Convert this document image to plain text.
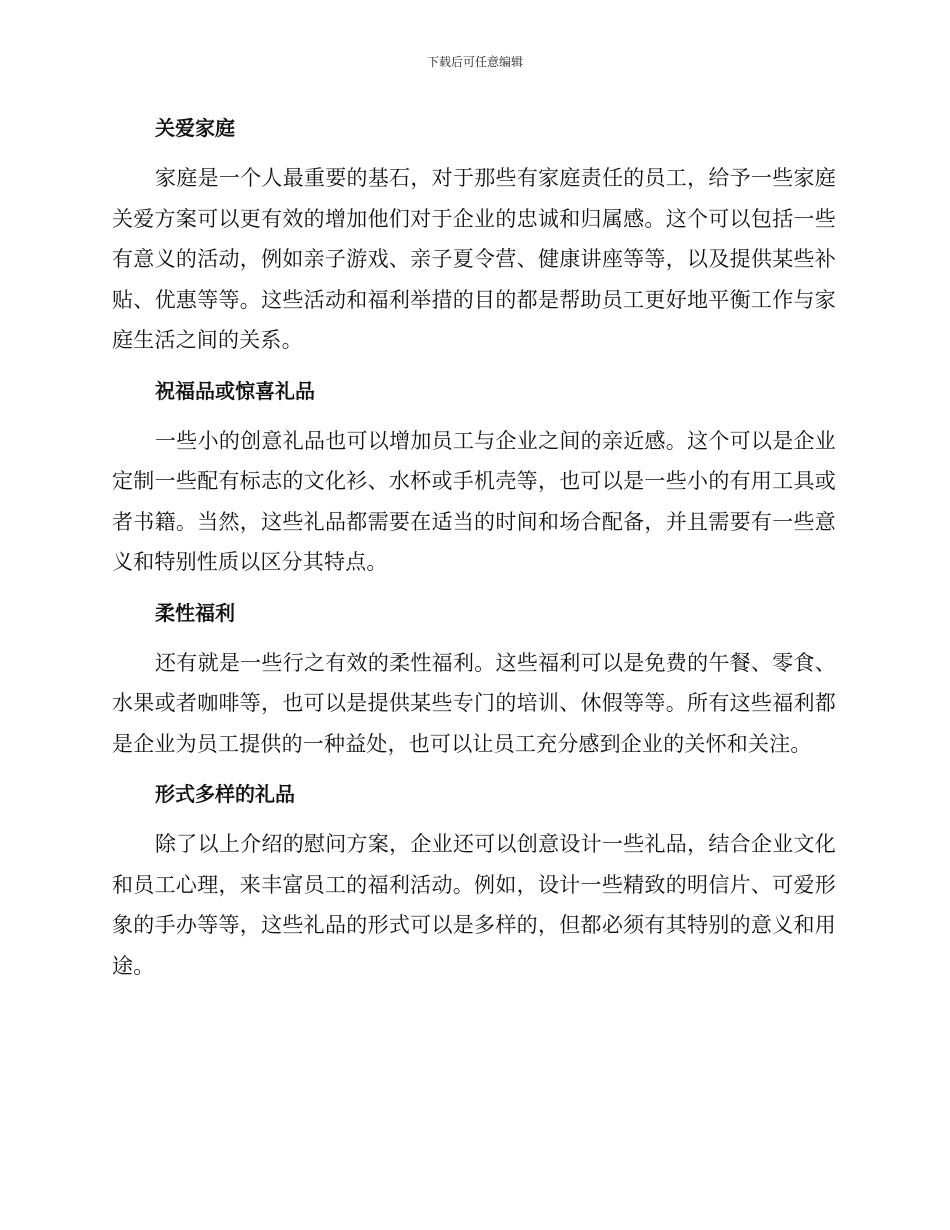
下载后可任意编辑
关爱家庭

家庭是一个人最重要的基石，对于那些有家庭责任的员工，给予一些家庭关爱方案可以更有效的增加他们对于企业的忠诚和归属感。这个可以包括一些有意义的活动，例如亲子游戏、亲子夏令营、健康讲座等等，以及提供某些补贴、优惠等等。这些活动和福利举措的目的都是帮助员工更好地平衡工作与家庭生活之间的关系。

祝福品或惊喜礼品

一些小的创意礼品也可以增加员工与企业之间的亲近感。这个可以是企业定制一些配有标志的文化衫、水杯或手机壳等，也可以是一些小的有用工具或者书籍。当然，这些礼品都需要在适当的时间和场合配备，并且需要有一些意义和特别性质以区分其特点。

柔性福利

还有就是一些行之有效的柔性福利。这些福利可以是免费的午餐、零食、水果或者咖啡等，也可以是提供某些专门的培训、休假等等。所有这些福利都是企业为员工提供的一种益处，也可以让员工充分感到企业的关怀和关注。

形式多样的礼品

除了以上介绍的慰问方案，企业还可以创意设计一些礼品，结合企业文化和员工心理，来丰富员工的福利活动。例如，设计一些精致的明信片、可爱形象的手办等等，这些礼品的形式可以是多样的，但都必须有其特别的意义和用途。
